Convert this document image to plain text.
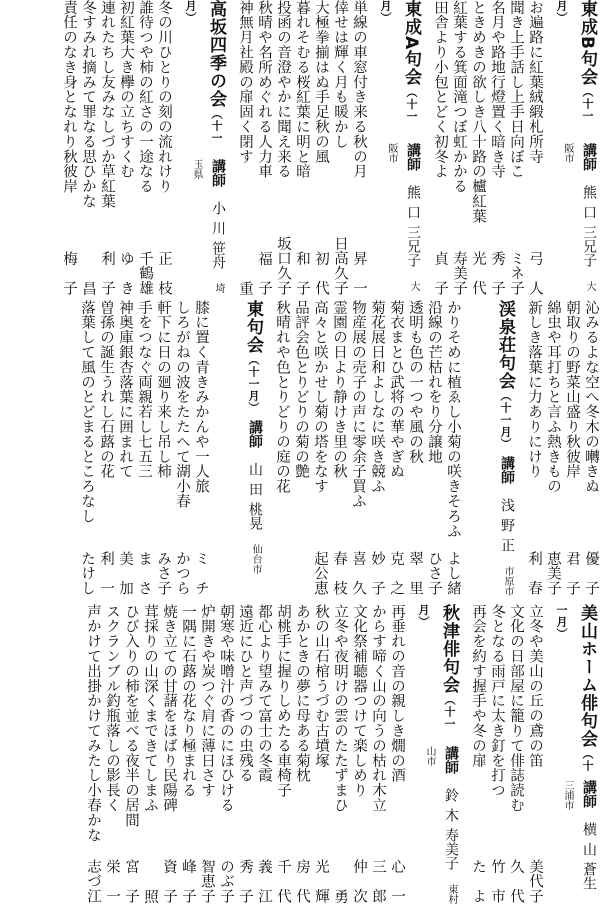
東成B句会（十一月）
講師　熊口三兄子　大阪市
お遍路に紅葉絨緞札所寺弓　人
聞き上手話し上手日向ぼこミネ子
名月や路地行燈置く暗き寺秀　子
ときめきの欲しき八十路の櫨紅葉光　代
紅葉する箕面滝つぼ虹かかる寿美子
田舎より小包とどく初冬よ貞　子
東成A句会（十一月）
講師　熊口三兄子　大阪市
単線の車窓付き来る秋の月昇　一
倖せは輝く月も暖かし日高久子
大極拳揃はぬ手足秋の風初　代
暮れそむる桜紅葉に明と暗和　子
投函の音澄やかに聞え来る坂口久子
秋晴や名所めぐれる人力車福　子
神無月社殿の扉固く閉す重
高坂四季の会（十一月）
講師　小川笹舟　埼玉県
冬の川ひとりの刻の流れけり正　枝
誰待つや柿の紅さの一途なる千鶴雄
初紅葉大き欅の立ちすくむゆ　き
連れたちし友みなしづか草紅葉利　子
冬すみれ摘みて罪なる思ひかな昌
責任のなき身となれり秋彼岸梅　子
沁みるよな空へ冬木の囀きぬ優　子
朝取りの野菜山盛り秋彼岸君　子
綿虫や耳打ちと言ふ熱きもの恵美子
新しき落葉に力ありにけり利　春
渓泉荘句会（十一月）
講師　浅野正　市原市
かりそめに植ゑし小菊の咲きそろふよし緒
沿線の芒枯れをり分譲地ひさ子
透明も色の一つや風の秋翠　里
菊衣まとひ武将の華やぎぬ克　之
菊花展日和よしなに咲き競ふ妙　子
物産展の売子の声に零余子買ふ喜　久
霊園の日より静けき里の秋春　枝
高々と咲かせし菊の塔をなす起公恵
品評会色とりどりの菊の艶
秋晴れや色とりどりの庭の花
東句会（十一月）
講師　山田桃晃　仙台市
膝に置く青きみかんや一人旅ミ　チ
しろがねの波をたたへて湖小春かつら
軒下に日の廻り来し吊し柿みさ子
手をつなぐ両親若し七五三ま　さ
神奥庫銀杏落葉に囲まれて美　加
曽孫の誕生うれし石蕗の花利　一
落葉して風のとどまるところなしたけし
美山ホーム俳句会（十一月）
講師　横山蒼生　三浦市
立冬や美山の丘の鳶の笛美代子
文化の日部屋に籠りて俳誌読む久　代
冬となる雨戸に太き釘を打つ竹　市
再会を約す握手や冬の扉た　よ
秋津俳句会（十一月）
講師　鈴木寿美子　東村山市
再垂れの音の親しき燗の酒心　一
からす啼く山の向うの枯れ木立三　郎
文化祭補聴器つけて楽しめり仲　次
立冬や夜明けの雲のたたずまひ勇
秋の山石棺うづむ古墳塚光　輝
あかときの夢に母ある菊枕房　代
胡桃手に握りしめたる車椅子千　代
都心より望みて富士の冬霞義　江
遠近にひと声づつの虫残る秀　子
朝寒や味噌汁の香のにほひけるのぶ子
炉開きや炭つぐ肩に薄日さす智恵子
一隅に石蕗の花なり極まれる峰　子
焼き立ての甘藷をほばり民陽碑資　子
茸採りの山深くまできてしまふ照
ひび入りの柿を並べる夜半の居間宮　子
スクランブル釣瓶落しの影長く栄　一
声かけて出掛かけてみたし小春かな志づ江
